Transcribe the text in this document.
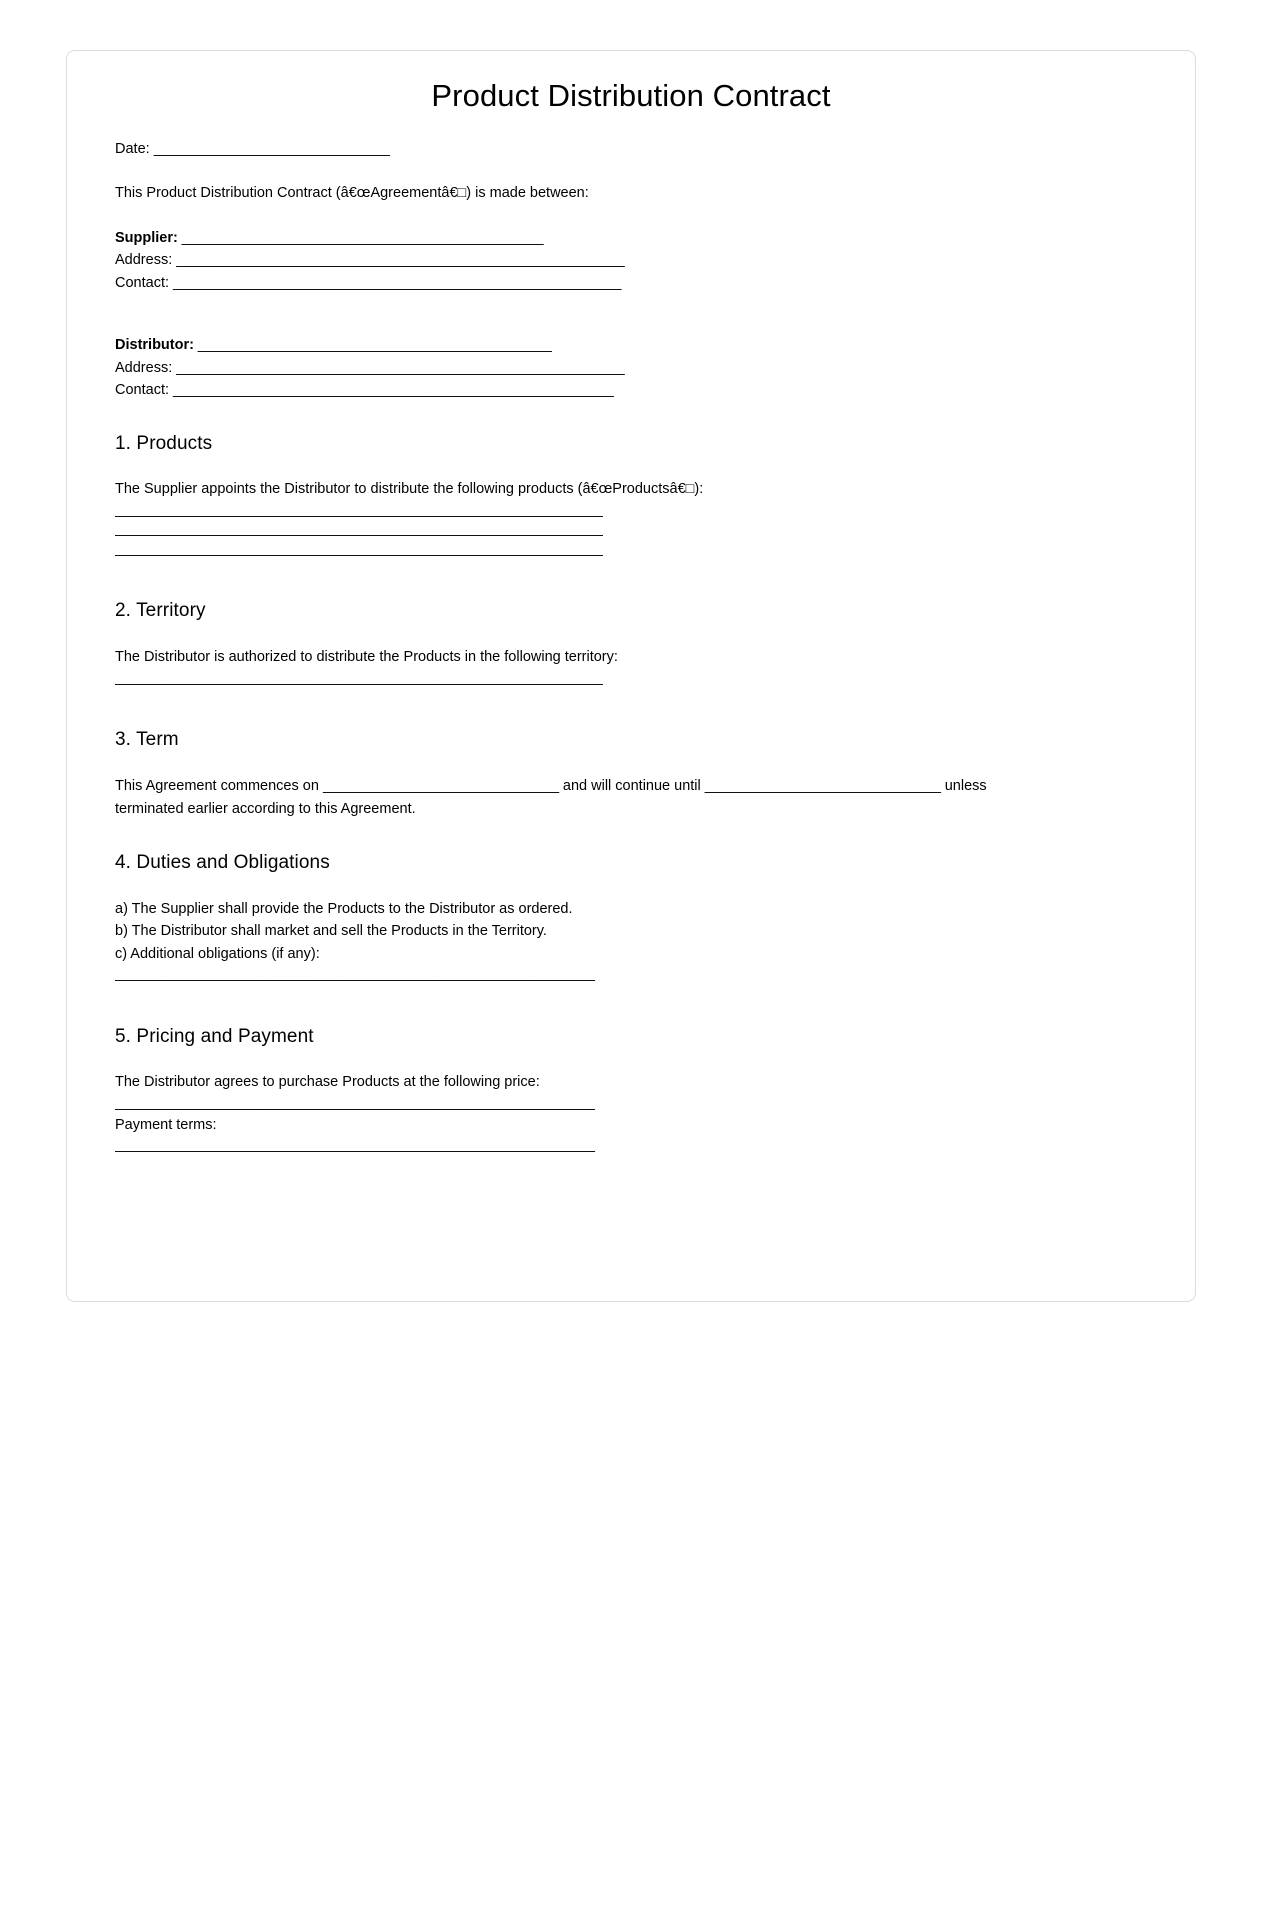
Product Distribution Contract
Date: ______________________________

This Product Distribution Contract (â€œAgreementâ€□) is made between:

Supplier: ______________________________________________
Address: _________________________________________________________
Contact: _________________________________________________________
Distributor: _____________________________________________
Address: _________________________________________________________
Contact: ________________________________________________________
1. Products

The Supplier appoints the Distributor to distribute the following products (â€œProductsâ€□):

______________________________________________________________
______________________________________________________________
______________________________________________________________
2. Territory

The Distributor is authorized to distribute the Products in the following territory:

______________________________________________________________
3. Term

This Agreement commences on ______________________________ and will continue until ______________________________ unless terminated earlier according to this Agreement.

4. Duties and Obligations
a) The Supplier shall provide the Products to the Distributor as ordered.
b) The Distributor shall market and sell the Products in the Territory.
c) Additional obligations (if any):
_____________________________________________________________
5. Pricing and Payment

The Distributor agrees to purchase Products at the following price:

_____________________________________________________________
Payment terms:
_____________________________________________________________
